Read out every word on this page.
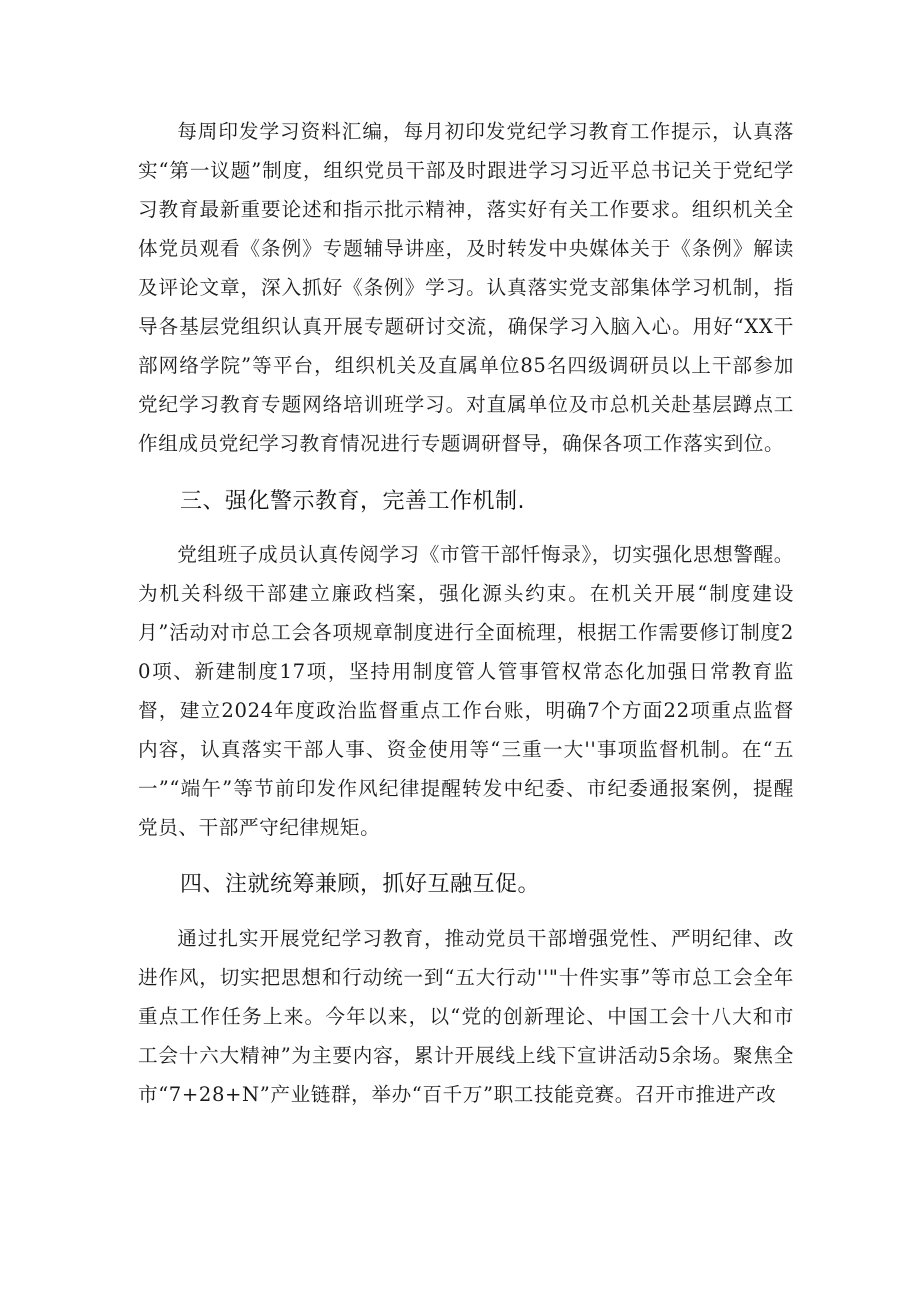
每周印发学习资料汇编，每月初印发党纪学习教育工作提示，认真落实“第一议题”制度，组织党员干部及时跟进学习习近平总书记关于党纪学习教育最新重要论述和指示批示精神，落实好有关工作要求。组织机关全体党员观看《条例》专题辅导讲座，及时转发中央媒体关于《条例》解读及评论文章，深入抓好《条例》学习。认真落实党支部集体学习机制，指导各基层党组织认真开展专题研讨交流，确保学习入脑入心。用好“XX干部网络学院”等平台，组织机关及直属单位85名四级调研员以上干部参加党纪学习教育专题网络培训班学习。对直属单位及市总机关赴基层蹲点工作组成员党纪学习教育情况进行专题调研督导，确保各项工作落实到位。

三、强化警示教育，完善工作机制.

党组班子成员认真传阅学习《市管干部忏悔录》，切实强化思想警醒。为机关科级干部建立廉政档案，强化源头约束。在机关开展“制度建设月”活动对市总工会各项规章制度进行全面梳理，根据工作需要修订制度20项、新建制度17项，坚持用制度管人管事管权常态化加强日常教育监督，建立2024年度政治监督重点工作台账，明确7个方面22项重点监督内容，认真落实干部人事、资金使用等“三重一大''事项监督机制。在“五一”“端午”等节前印发作风纪律提醒转发中纪委、市纪委通报案例，提醒党员、干部严守纪律规矩。

四、注就统筹兼顾，抓好互融互促。

通过扎实开展党纪学习教育，推动党员干部增强党性、严明纪律、改进作风，切实把思想和行动统一到“五大行动''"十件实事”等市总工会全年重点工作任务上来。今年以来，以“党的创新理论、中国工会十八大和市工会十六大精神”为主要内容，累计开展线上线下宣讲活动5余场。聚焦全市“7+28+N”产业链群，举办“百千万”职工技能竞赛。召开市推进产改
